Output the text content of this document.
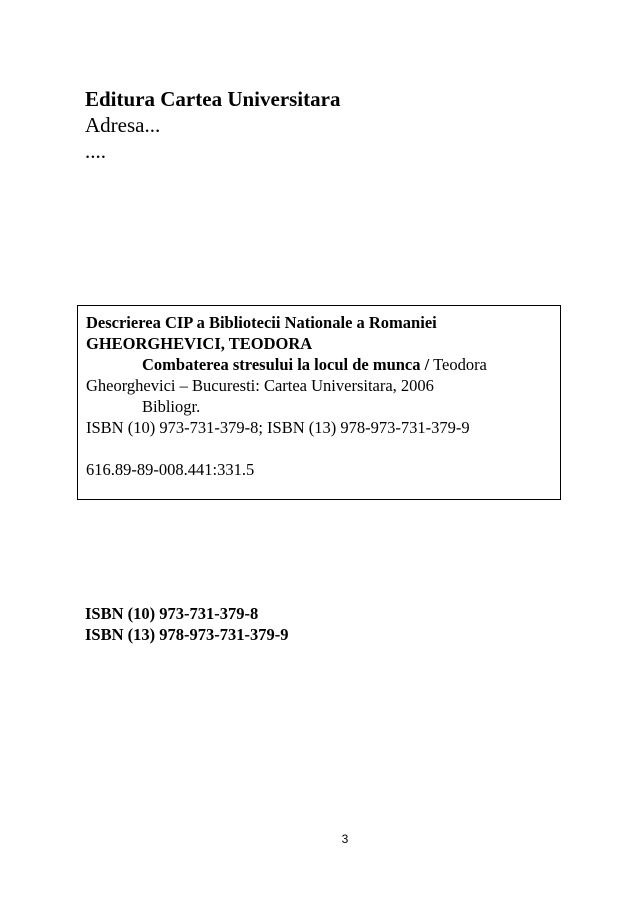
Editura Cartea Universitara
Adresa...
....
Descrierea CIP a Bibliotecii Nationale a Romaniei
GHEORGHEVICI, TEODORA
Combaterea stresului la locul de munca / Teodora
Gheorghevici – Bucuresti: Cartea Universitara, 2006
Bibliogr.
ISBN (10) 973-731-379-8; ISBN (13) 978-973-731-379-9
616.89-89-008.441:331.5
ISBN (10) 973-731-379-8
ISBN (13) 978-973-731-379-9
3
